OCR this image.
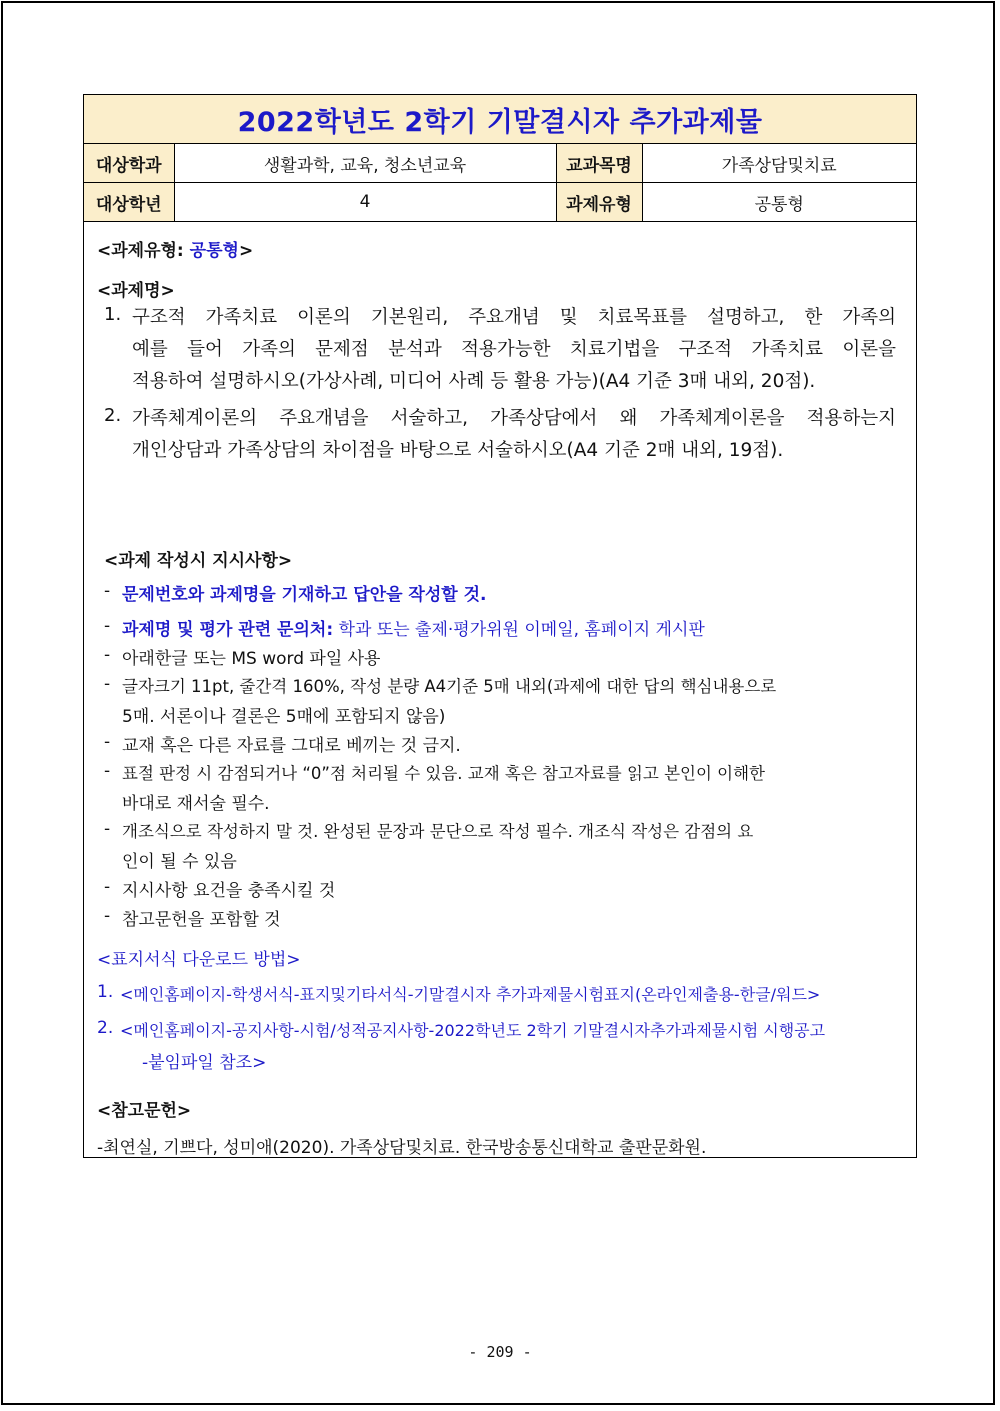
2022학년도 2학기 기말결시자 추가과제물
대상학과	생활과학, 교육, 청소년교육	교과목명	가족상담및치료
대상학년	4	과제유형	공통형
<과제유형: 공통형>
<과제명>
1. 구조적 가족치료 이론의 기본원리, 주요개념 및 치료목표를 설명하고, 한 가족의
예를 들어 가족의 문제점 분석과 적용가능한 치료기법을 구조적 가족치료 이론을
적용하여 설명하시오(가상사례, 미디어 사례 등 활용 가능)(A4 기준 3매 내외, 20점).
2. 가족체계이론의 주요개념을 서술하고, 가족상담에서 왜 가족체계이론을 적용하는지
개인상담과 가족상담의 차이점을 바탕으로 서술하시오(A4 기준 2매 내외, 19점).
<과제 작성시 지시사항>
- 문제번호와 과제명을 기재하고 답안을 작성할 것.
- 과제명 및 평가 관련 문의처: 학과 또는 출제·평가위원 이메일, 홈페이지 게시판
- 아래한글 또는 MS word 파일 사용
- 글자크기 11pt, 줄간격 160%, 작성 분량 A4기준 5매 내외(과제에 대한 답의 핵심내용으로
5매. 서론이나 결론은 5매에 포함되지 않음)
- 교재 혹은 다른 자료를 그대로 베끼는 것 금지.
- 표절 판정 시 감점되거나 “0”점 처리될 수 있음. 교재 혹은 참고자료를 읽고 본인이 이해한
바대로 재서술 필수.
- 개조식으로 작성하지 말 것. 완성된 문장과 문단으로 작성 필수. 개조식 작성은 감점의 요
인이 될 수 있음
- 지시사항 요건을 충족시킬 것
- 참고문헌을 포함할 것
<표지서식 다운로드 방법>
1. <메인홈페이지-학생서식-표지및기타서식-기말결시자 추가과제물시험표지(온라인제출용-한글/워드>
2. <메인홈페이지-공지사항-시험/성적공지사항-2022학년도 2학기 기말결시자추가과제물시험 시행공고
-붙임파일 참조>
<참고문헌>
-최연실, 기쁘다, 성미애(2020). 가족상담및치료. 한국방송통신대학교 출판문화원.
- 209 -
